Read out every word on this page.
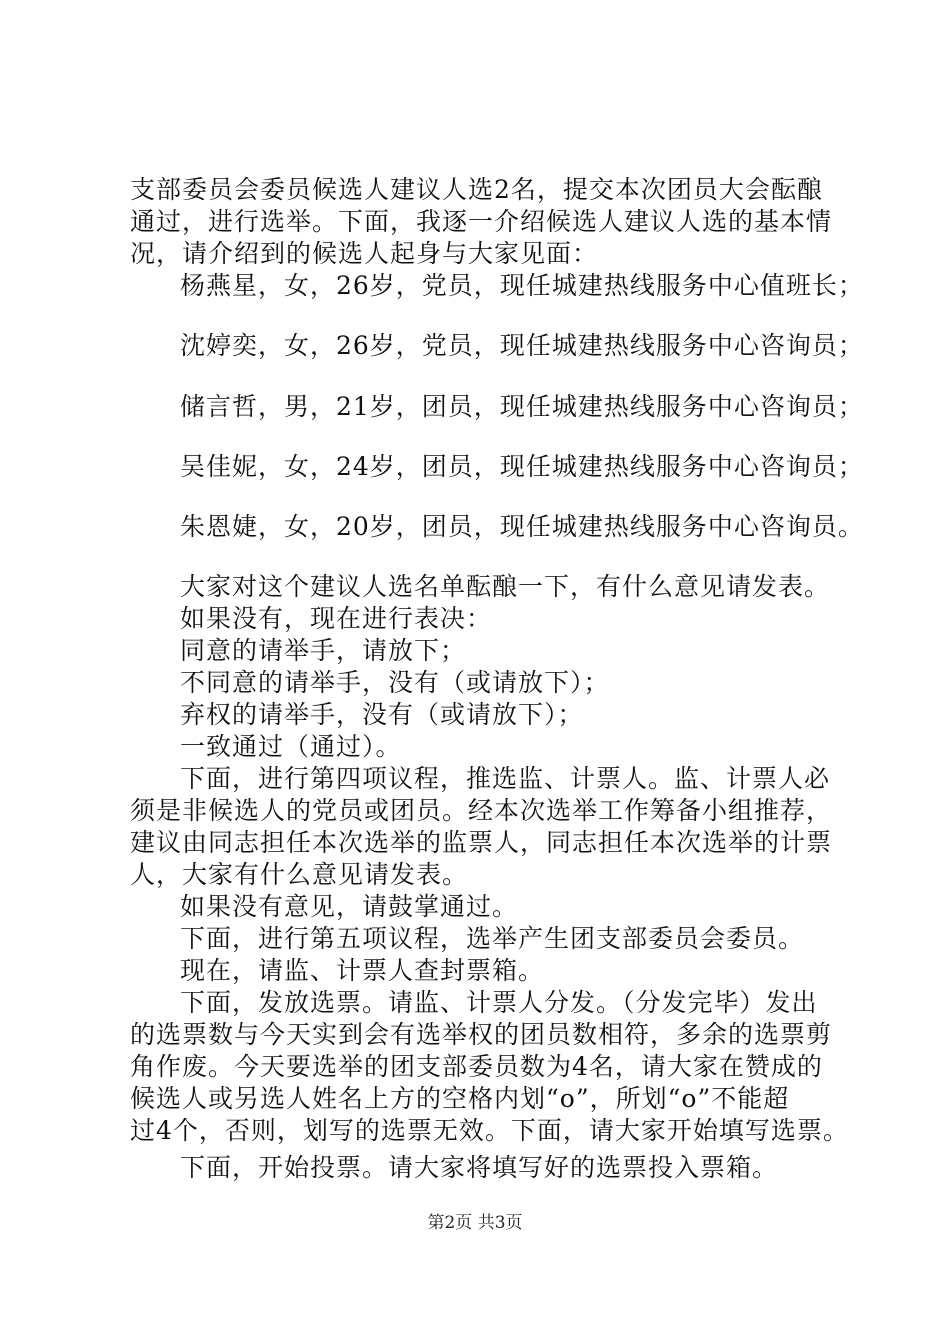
支部委员会委员候选人建议人选2名，提交本次团员大会酝酿
通过，进行选举。下面，我逐一介绍候选人建议人选的基本情
况，请介绍到的候选人起身与大家见面：
杨燕星，女，26岁，党员，现任城建热线服务中心值班长；
沈婷奕，女，26岁，党员，现任城建热线服务中心咨询员；
储言哲，男，21岁，团员，现任城建热线服务中心咨询员；
吴佳妮，女，24岁，团员，现任城建热线服务中心咨询员；
朱恩婕，女，20岁，团员，现任城建热线服务中心咨询员。
大家对这个建议人选名单酝酿一下，有什么意见请发表。
如果没有，现在进行表决：
同意的请举手，请放下；
不同意的请举手，没有（或请放下）；
弃权的请举手，没有（或请放下）；
一致通过（通过）。
下面，进行第四项议程，推选监、计票人。监、计票人必
须是非候选人的党员或团员。经本次选举工作筹备小组推荐，
建议由同志担任本次选举的监票人，同志担任本次选举的计票
人，大家有什么意见请发表。
如果没有意见，请鼓掌通过。
下面，进行第五项议程，选举产生团支部委员会委员。
现在，请监、计票人查封票箱。
下面，发放选票。请监、计票人分发。（分发完毕）发出
的选票数与今天实到会有选举权的团员数相符，多余的选票剪
角作废。今天要选举的团支部委员数为4名，请大家在赞成的
候选人或另选人姓名上方的空格内划“o”，所划“o”不能超
过4个，否则，划写的选票无效。下面，请大家开始填写选票。
下面，开始投票。请大家将填写好的选票投入票箱。
第2页 共3页
